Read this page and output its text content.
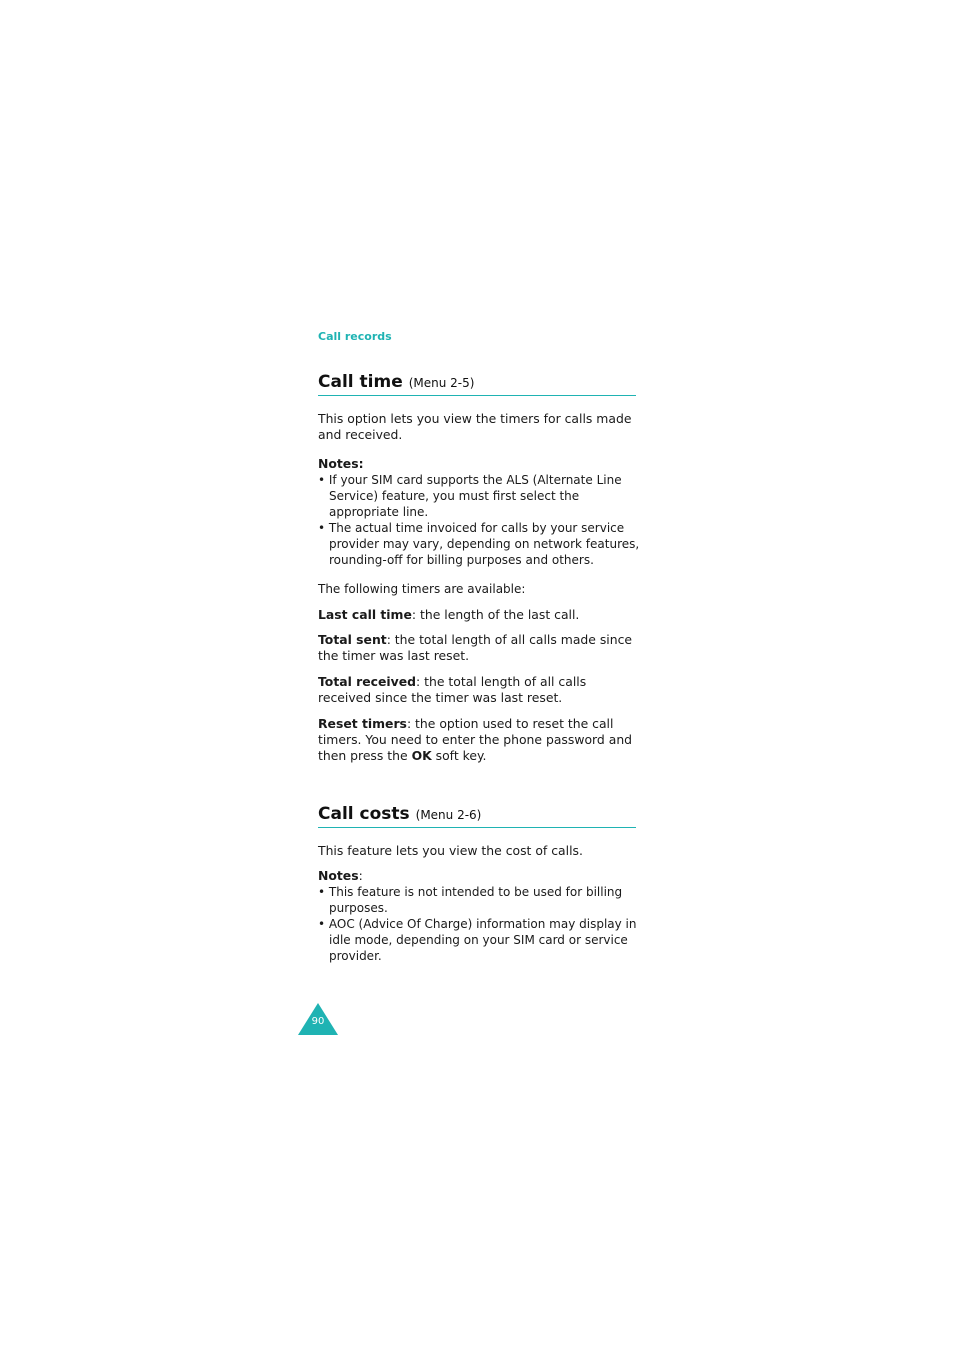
Call records
Call time (Menu 2-5)
This option lets you view the timers for calls made and received.
Notes:
• If your SIM card supports the ALS (Alternate Line Service) feature, you must first select the appropriate line.
• The actual time invoiced for calls by your service provider may vary, depending on network features, rounding-off for billing purposes and others.
The following timers are available:
Last call time: the length of the last call.
Total sent: the total length of all calls made since the timer was last reset.
Total received: the total length of all calls received since the timer was last reset.
Reset timers: the option used to reset the call timers. You need to enter the phone password and then press the OK soft key.
Call costs (Menu 2-6)
This feature lets you view the cost of calls.
Notes:
• This feature is not intended to be used for billing purposes.
• AOC (Advice Of Charge) information may display in idle mode, depending on your SIM card or service provider.
90
